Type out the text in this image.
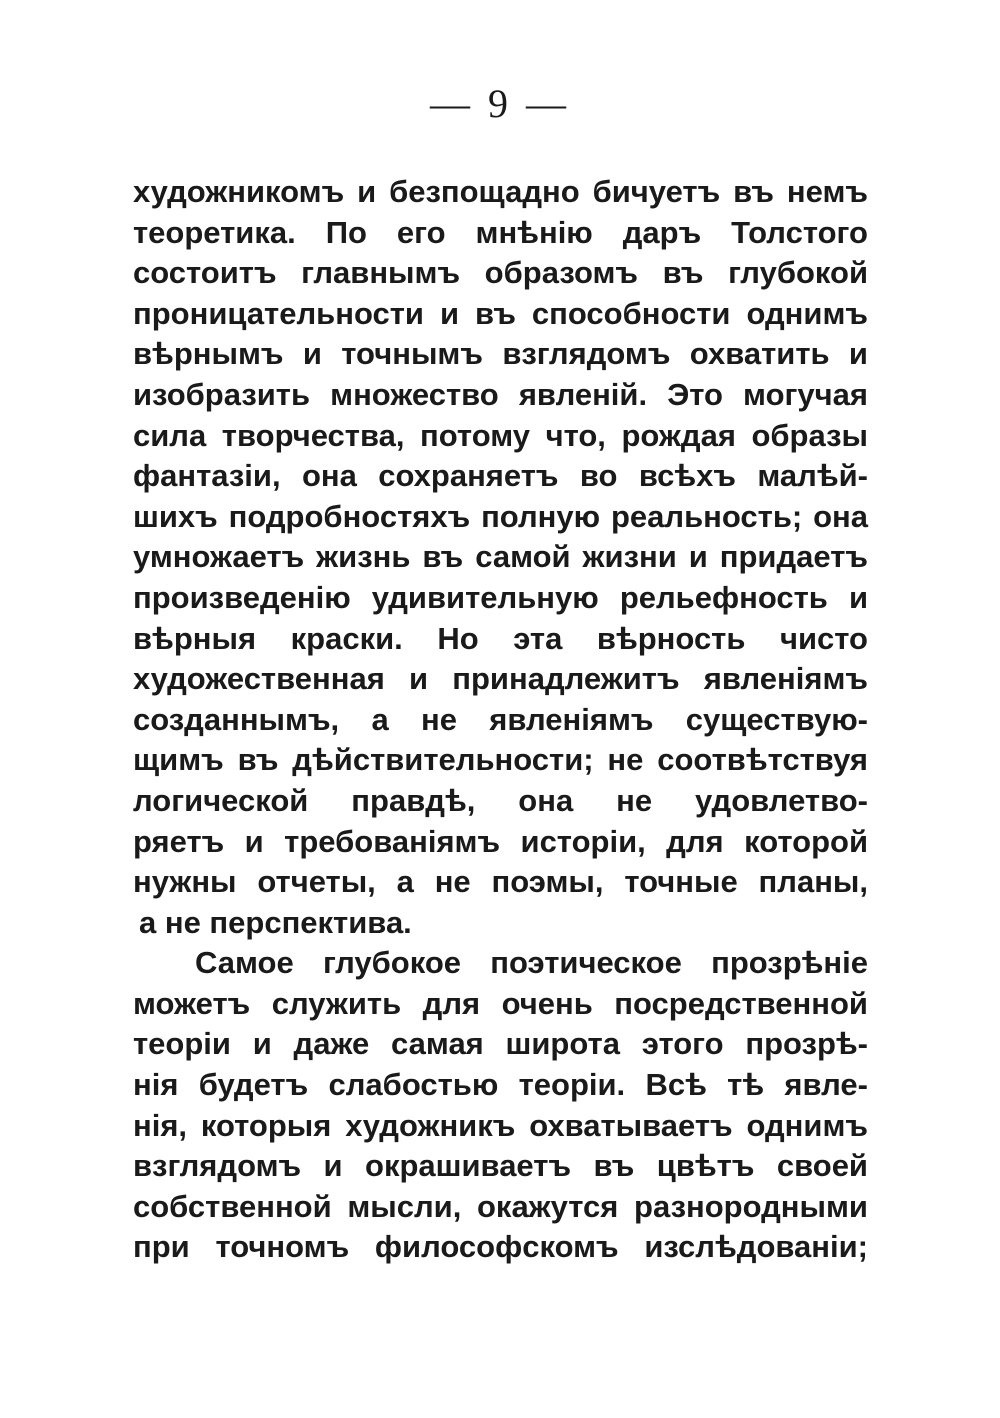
— 9 —
художникомъ и безпощадно бичуетъ въ немъ
теоретика. По его мнѣнію даръ Толстого
состоитъ главнымъ образомъ въ глубокой
проницательности и въ способности однимъ
вѣрнымъ и точнымъ взглядомъ охватить и
изобразить множество явленій. Это могучая
сила творчества, потому что, рождая образы
фантазіи, она сохраняетъ во всѣхъ малѣй-
шихъ подробностяхъ полную реальность; она
умножаетъ жизнь въ самой жизни и придаетъ
произведенію удивительную рельефность и
вѣрныя краски. Но эта вѣрность чисто
художественная и принадлежитъ явленіямъ
созданнымъ, а не явленіямъ существую-
щимъ въ дѣйствительности; не соотвѣтствуя
логической правдѣ, она не удовлетво-
ряетъ и требованіямъ исторіи, для которой
нужны отчеты, а не поэмы, точные планы,
а не перспектива.
Самое глубокое поэтическое прозрѣніе
можетъ служить для очень посредственной
теоріи и даже самая широта этого прозрѣ-
нія будетъ слабостью теоріи. Всѣ тѣ явле-
нія, которыя художникъ охватываетъ однимъ
взглядомъ и окрашиваетъ въ цвѣтъ своей
собственной мысли, окажутся разнородными
при точномъ философскомъ изслѣдованіи;
